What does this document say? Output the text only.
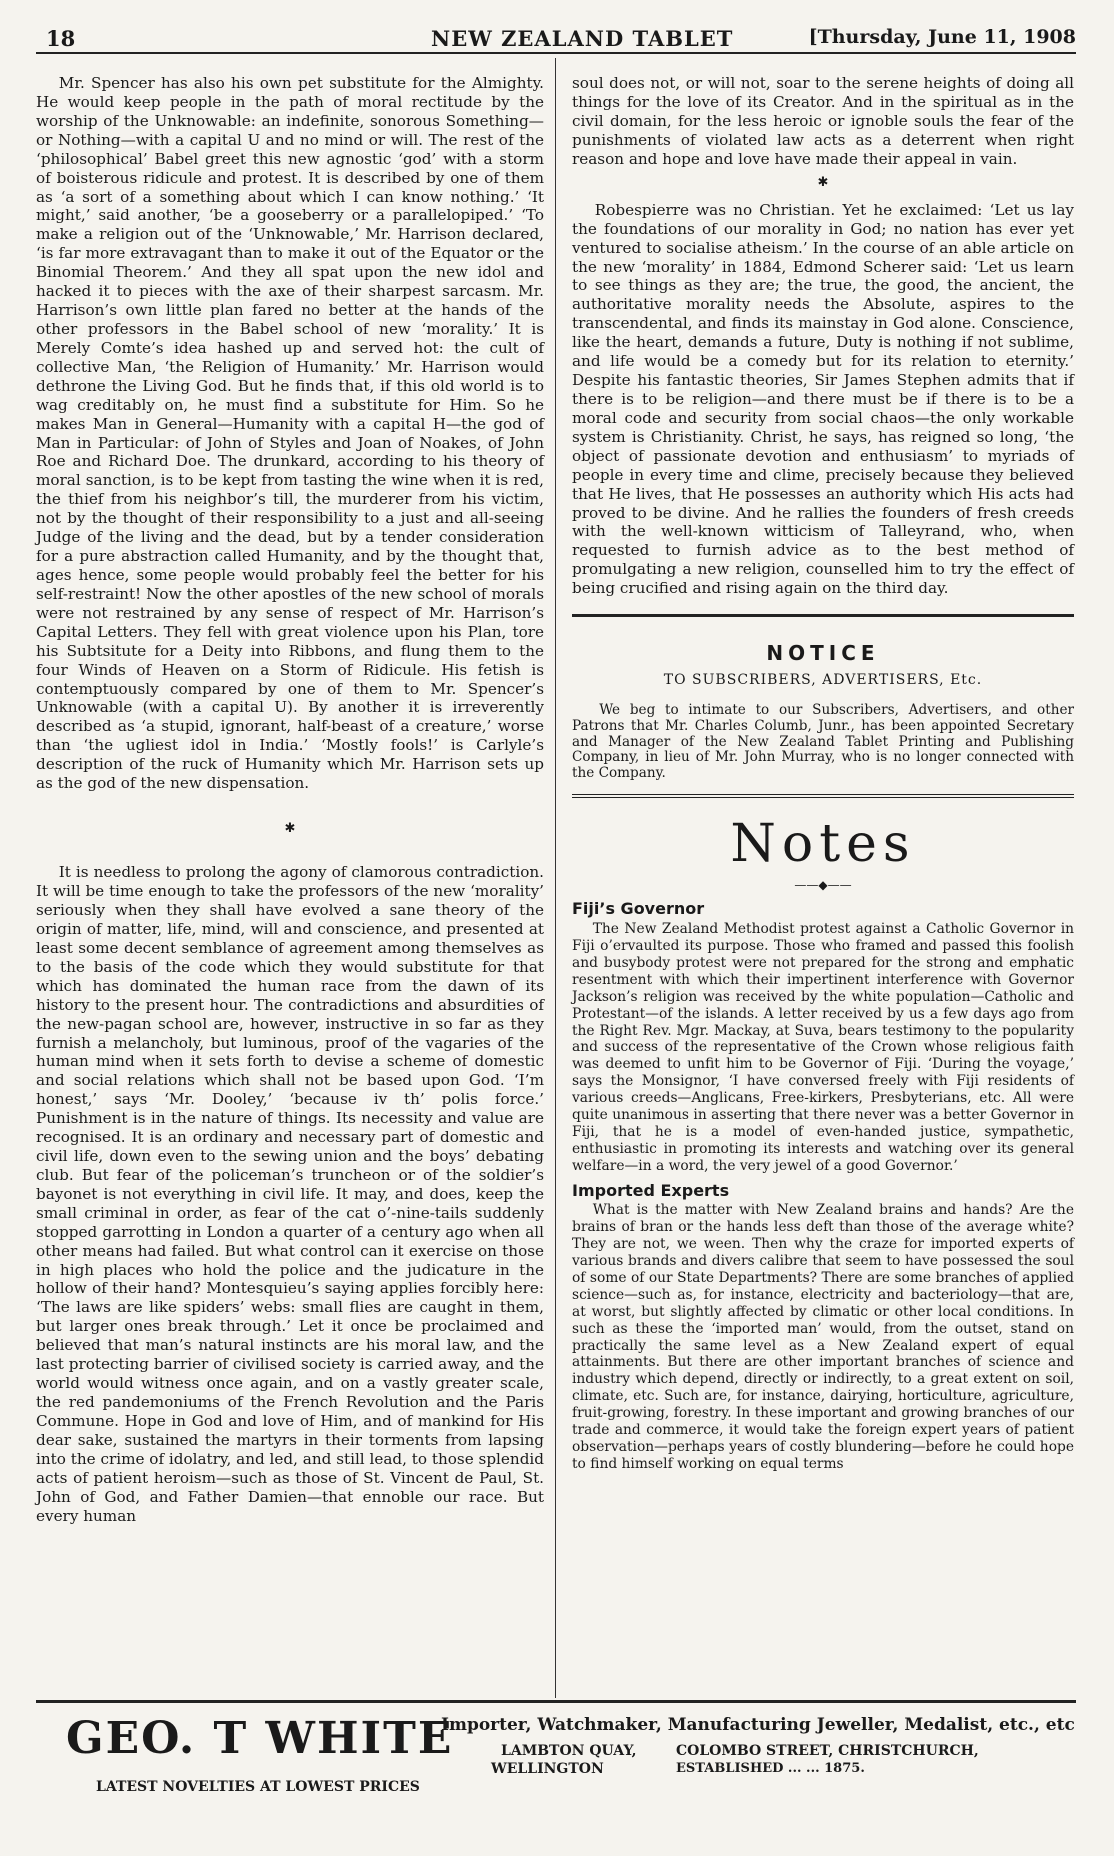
18	NEW ZEALAND TABLET	[Thursday, June 11, 1908

Mr. Spencer has also his own pet substitute for the Almighty. He would keep people in the path of moral rectitude by the worship of the Unknowable: an indefinite, sonorous Something—or Nothing—with a capital U and no mind or will. The rest of the ‘philosophical’ Babel greet this new agnostic ‘god’ with a storm of boisterous ridicule and protest. It is described by one of them as ‘a sort of a something about which I can know nothing.’ ‘It might,’ said another, ‘be a gooseberry or a parallelopiped.’ ‘To make a religion out of the ‘Unknowable,’ Mr. Harrison declared, ‘is far more extravagant than to make it out of the Equator or the Binomial Theorem.’ And they all spat upon the new idol and hacked it to pieces with the axe of their sharpest sarcasm. Mr. Harrison’s own little plan fared no better at the hands of the other professors in the Babel school of new ‘morality.’ It is Merely Comte’s idea hashed up and served hot: the cult of collective Man, ‘the Religion of Humanity.’ Mr. Harrison would dethrone the Living God. But he finds that, if this old world is to wag creditably on, he must find a substitute for Him. So he makes Man in General—Humanity with a capital H—the god of Man in Particular: of John of Styles and Joan of Noakes, of John Roe and Richard Doe. The drunkard, according to his theory of moral sanction, is to be kept from tasting the wine when it is red, the thief from his neighbor’s till, the murderer from his victim, not by the thought of their responsibility to a just and all-seeing Judge of the living and the dead, but by a tender consideration for a pure abstraction called Humanity, and by the thought that, ages hence, some people would probably feel the better for his self-restraint! Now the other apostles of the new school of morals were not restrained by any sense of respect of Mr. Harrison’s Capital Letters. They fell with great violence upon his Plan, tore his Subtsitute for a Deity into Ribbons, and flung them to the four Winds of Heaven on a Storm of Ridicule. His fetish is contemptuously compared by one of them to Mr. Spencer’s Unknowable (with a capital U). By another it is irreverently described as ‘a stupid, ignorant, half-beast of a creature,’ worse than ‘the ugliest idol in India.’ ‘Mostly fools!’ is Carlyle’s description of the ruck of Humanity which Mr. Harrison sets up as the god of the new dispensation.

✱

It is needless to prolong the agony of clamorous contradiction. It will be time enough to take the professors of the new ‘morality’ seriously when they shall have evolved a sane theory of the origin of matter, life, mind, will and conscience, and presented at least some decent semblance of agreement among themselves as to the basis of the code which they would substitute for that which has dominated the human race from the dawn of its history to the present hour. The contradictions and absurdities of the new-pagan school are, however, instructive in so far as they furnish a melancholy, but luminous, proof of the vagaries of the human mind when it sets forth to devise a scheme of domestic and social relations which shall not be based upon God. ‘I’m honest,’ says ‘Mr. Dooley,’ ‘because iv th’ polis force.’ Punishment is in the nature of things. Its necessity and value are recognised. It is an ordinary and necessary part of domestic and civil life, down even to the sewing union and the boys’ debating club. But fear of the policeman’s truncheon or of the soldier’s bayonet is not everything in civil life. It may, and does, keep the small criminal in order, as fear of the cat o’-nine-tails suddenly stopped garrotting in London a quarter of a century ago when all other means had failed. But what control can it exercise on those in high places who hold the police and the judicature in the hollow of their hand? Montesquieu’s saying applies forcibly here: ‘The laws are like spiders’ webs: small flies are caught in them, but larger ones break through.’ Let it once be proclaimed and believed that man’s natural instincts are his moral law, and the last protecting barrier of civilised society is carried away, and the world would witness once again, and on a vastly greater scale, the red pandemoniums of the French Revolution and the Paris Commune. Hope in God and love of Him, and of mankind for His dear sake, sustained the martyrs in their torments from lapsing into the crime of idolatry, and led, and still lead, to those splendid acts of patient heroism—such as those of St. Vincent de Paul, St. John of God, and Father Damien—that ennoble our race. But every human

soul does not, or will not, soar to the serene heights of doing all things for the love of its Creator. And in the spiritual as in the civil domain, for the less heroic or ignoble souls the fear of the punishments of violated law acts as a deterrent when right reason and hope and love have made their appeal in vain.

✱

Robespierre was no Christian. Yet he exclaimed: ‘Let us lay the foundations of our morality in God; no nation has ever yet ventured to socialise atheism.’ In the course of an able article on the new ‘morality’ in 1884, Edmond Scherer said: ‘Let us learn to see things as they are; the true, the good, the ancient, the authoritative morality needs the Absolute, aspires to the transcendental, and finds its mainstay in God alone. Conscience, like the heart, demands a future, Duty is nothing if not sublime, and life would be a comedy but for its relation to eternity.’ Despite his fantastic theories, Sir James Stephen admits that if there is to be religion—and there must be if there is to be a moral code and security from social chaos—the only workable system is Christianity. Christ, he says, has reigned so long, ‘the object of passionate devotion and enthusiasm’ to myriads of people in every time and clime, precisely because they believed that He lives, that He possesses an authority which His acts had proved to be divine. And he rallies the founders of fresh creeds with the well-known witticism of Talleyrand, who, when requested to furnish advice as to the best method of promulgating a new religion, counselled him to try the effect of being crucified and rising again on the third day.

NOTICE
TO SUBSCRIBERS, ADVERTISERS, Etc.

We beg to intimate to our Subscribers, Advertisers, and other Patrons that Mr. Charles Columb, Junr., has been appointed Secretary and Manager of the New Zealand Tablet Printing and Publishing Company, in lieu of Mr. John Murray, who is no longer connected with the Company.

Notes
——◆——
Fiji’s Governor

The New Zealand Methodist protest against a Catholic Governor in Fiji o’ervaulted its purpose. Those who framed and passed this foolish and busybody protest were not prepared for the strong and emphatic resentment with which their impertinent interference with Governor Jackson’s religion was received by the white population—Catholic and Protestant—of the islands. A letter received by us a few days ago from the Right Rev. Mgr. Mackay, at Suva, bears testimony to the popularity and success of the representative of the Crown whose religious faith was deemed to unfit him to be Governor of Fiji. ‘During the voyage,’ says the Monsignor, ‘I have conversed freely with Fiji residents of various creeds—Anglicans, Free-kirkers, Presbyterians, etc. All were quite unanimous in asserting that there never was a better Governor in Fiji, that he is a model of even-handed justice, sympathetic, enthusiastic in promoting its interests and watching over its general welfare—in a word, the very jewel of a good Governor.’

Imported Experts

What is the matter with New Zealand brains and hands? Are the brains of bran or the hands less deft than those of the average white? They are not, we ween. Then why the craze for imported experts of various brands and divers calibre that seem to have possessed the soul of some of our State Departments? There are some branches of applied science—such as, for instance, electricity and bacteriology—that are, at worst, but slightly affected by climatic or other local conditions. In such as these the ‘imported man’ would, from the outset, stand on practically the same level as a New Zealand expert of equal attainments. But there are other important branches of science and industry which depend, directly or indirectly, to a great extent on soil, climate, etc. Such are, for instance, dairying, horticulture, agriculture, fruit-growing, forestry. In these important and growing branches of our trade and commerce, it would take the foreign expert years of patient observation—perhaps years of costly blundering—before he could hope to find himself working on equal terms

GEO. T WHITE
LATEST NOVELTIES AT LOWEST PRICES
Importer, Watchmaker, Manufacturing Jeweller, Medalist, etc., etc
LAMBTON QUAY,	COLOMBO STREET, CHRISTCHURCH,
WELLINGTON	ESTABLISHED ... ... 1875.
